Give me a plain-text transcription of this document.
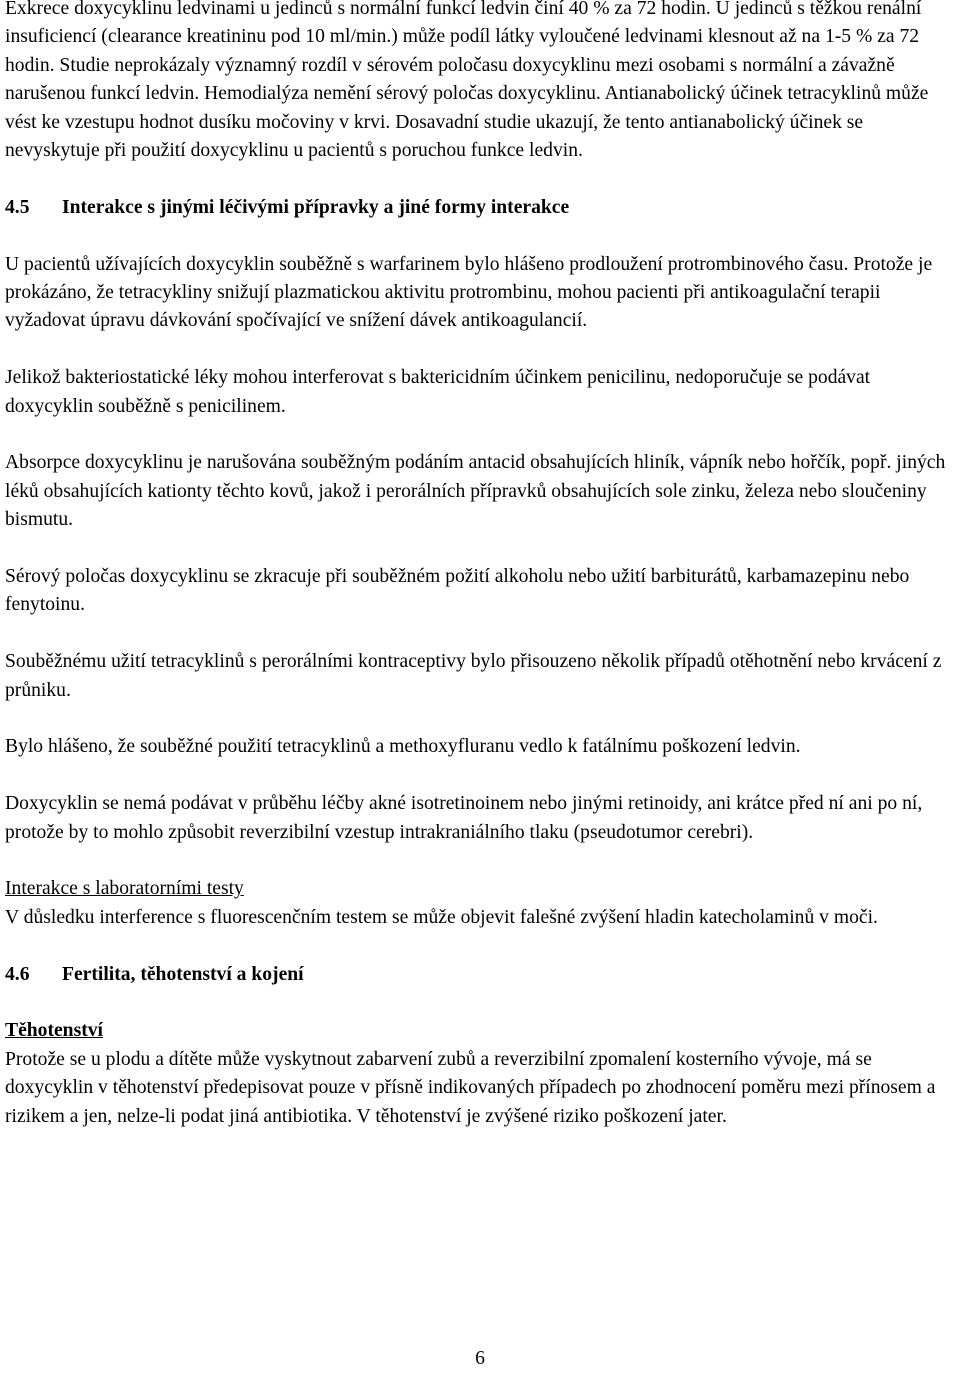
Exkrece doxycyklinu ledvinami u jedinců s normální funkcí ledvin činí 40 % za 72 hodin. U jedinců s těžkou renální insuficiencí (clearance kreatininu pod 10 ml/min.) může podíl látky vyloučené ledvinami klesnout až na 1-5 % za 72 hodin. Studie neprokázaly významný rozdíl v sérovém poločasu doxycyklinu mezi osobami s normální a závažně narušenou funkcí ledvin. Hemodialýza nemění sérový poločas doxycyklinu. Antianabolický účinek tetracyklinů může vést ke vzestupu hodnot dusíku močoviny v krvi. Dosavadní studie ukazují, že tento antianabolický účinek se nevyskytuje při použití doxycyklinu u pacientů s poruchou funkce ledvin.

4.5	Interakce s jinými léčivými přípravky a jiné formy interakce

U pacientů užívajících doxycyklin souběžně s warfarinem bylo hlášeno prodloužení protrombinového času. Protože je prokázáno, že tetracykliny snižují plazmatickou aktivitu protrombinu, mohou pacienti při antikoagulační terapii vyžadovat úpravu dávkování spočívající ve snížení dávek antikoagulancií.

Jelikož bakteriostatické léky mohou interferovat s baktericidním účinkem penicilinu, nedoporučuje se podávat doxycyklin souběžně s penicilinem.

Absorpce doxycyklinu je narušována souběžným podáním antacid obsahujících hliník, vápník nebo hořčík, popř. jiných léků obsahujících kationty těchto kovů, jakož i perorálních přípravků obsahujících sole zinku, železa nebo sloučeniny bismutu.

Sérový poločas doxycyklinu se zkracuje při souběžném požití alkoholu nebo užití barbiturátů, karbamazepinu nebo fenytoinu.

Souběžnému užití tetracyklinů s perorálními kontraceptivy bylo přisouzeno několik případů otěhotnění nebo krvácení z průniku.

Bylo hlášeno, že souběžné použití tetracyklinů a methoxyfluranu vedlo k fatálnímu poškození ledvin.

Doxycyklin se nemá podávat v průběhu léčby akné isotretinoinem nebo jinými retinoidy, ani krátce před ní ani po ní, protože by to mohlo způsobit reverzibilní vzestup intrakraniálního tlaku (pseudotumor cerebri).

Interakce s laboratorními testy

V důsledku interference s fluorescenčním testem se může objevit falešné zvýšení hladin katecholaminů v moči.

4.6	Fertilita, těhotenství a kojení

Těhotenství

Protože se u plodu a dítěte může vyskytnout zabarvení zubů a reverzibilní zpomalení kosterního vývoje, má se doxycyklin v těhotenství předepisovat pouze v přísně indikovaných případech po zhodnocení poměru mezi přínosem a rizikem a jen, nelze-li podat jiná antibiotika. V těhotenství je zvýšené riziko poškození jater.

6
